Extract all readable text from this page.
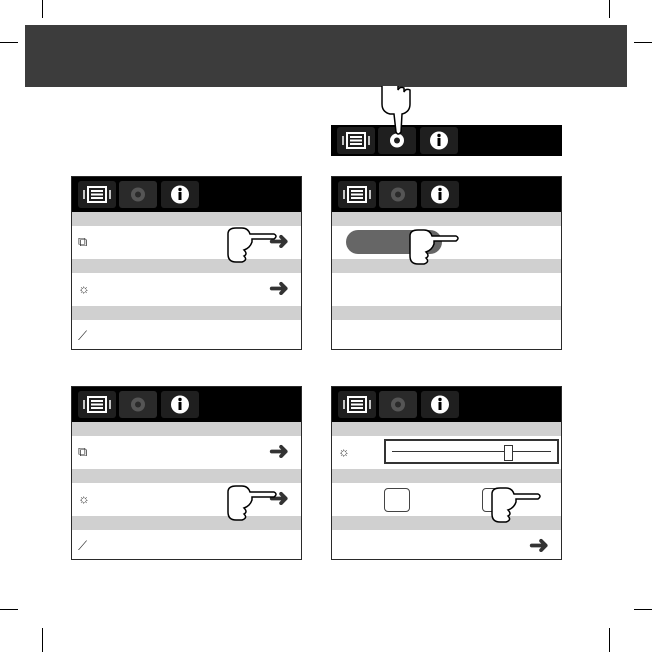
⧉	➜
☼	➜
⟋
⧉	➜
☼	➜
⟋
☼
➜
